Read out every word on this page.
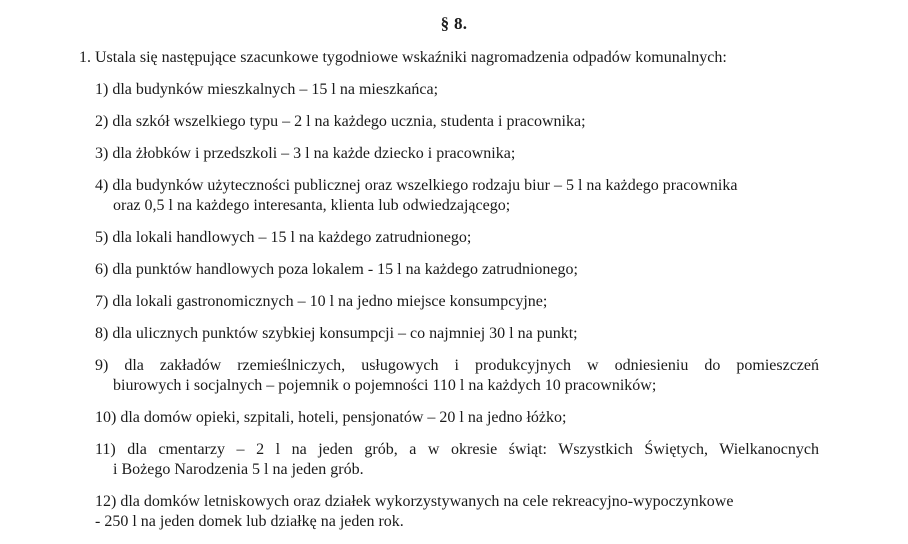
§ 8.
1. Ustala się następujące szacunkowe tygodniowe wskaźniki nagromadzenia odpadów komunalnych:
1) dla budynków mieszkalnych – 15 l na mieszkańca;
2) dla szkół wszelkiego typu – 2 l na każdego ucznia, studenta i pracownika;
3) dla żłobków i przedszkoli – 3 l na każde dziecko i pracownika;
4) dla budynków użyteczności publicznej oraz wszelkiego rodzaju biur – 5 l na każdego pracownika
oraz 0,5 l na każdego interesanta, klienta lub odwiedzającego;
5) dla lokali handlowych – 15 l na każdego zatrudnionego;
6) dla punktów handlowych poza lokalem - 15 l na każdego zatrudnionego;
7) dla lokali gastronomicznych – 10 l na jedno miejsce konsumpcyjne;
8) dla ulicznych punktów szybkiej konsumpcji – co najmniej 30 l na punkt;
9) dla zakładów rzemieślniczych, usługowych i produkcyjnych w odniesieniu do pomieszczeń
biurowych i socjalnych – pojemnik o pojemności 110 l na każdych 10 pracowników;
10) dla domów opieki, szpitali, hoteli, pensjonatów – 20 l na jedno łóżko;
11) dla cmentarzy – 2 l na jeden grób, a w okresie świąt: Wszystkich Świętych, Wielkanocnych
i Bożego Narodzenia 5 l na jeden grób.
12) dla domków letniskowych oraz działek wykorzystywanych na cele rekreacyjno-wypoczynkowe
- 250 l na jeden domek lub działkę na jeden rok.
